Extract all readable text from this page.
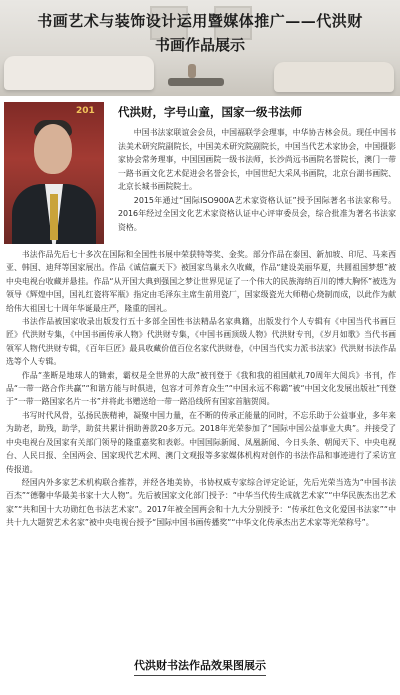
书画艺术与装饰设计运用暨媒体推广——代洪财
书画作品展示
201 代洪财，字号山童，国家一级书法师

中国书法家联谊会会员，中国福联学会理事，中华协吉林会员。现任中国书法美术研究院副院长，中国美术研究院副院长，中国当代艺术家协会，中国摄影家协会常务理事，中国国画院一级书法师，长沙尚远书画院名誉院长，澳门一带一路书画文化艺术促进会名誉会长，中国世纪大采风书画院，北京台湖书画院、北京长城书画院院士。

2015年通过“国际ISO900A艺术家资格认证”授予国际著名书法家称号。2016年经过全国文化艺术家资格认证中心评审委员会，综合批准为著名书法家资格。

书法作品先后七十多次在国际和全国性书展中荣获特等奖、金奖。部分作品在泰国、新加坡、印尼、马来西亚、韩国、迪拜等国家展出。作品《诚信赢天下》被国家鸟巢永久收藏，作品“建设美丽华夏，共圆祖国梦想”被中央电视台收藏并悬挂。作品“从开国大典到强国之梦让世界见证了一个伟大的民族海纳百川的博大胸怀”被选为领导《辉煌中国，国礼红瓷将军瓶》指定由毛泽东主席生前用瓷厂，国家级瓷光大师精心烧制而成，以此作为献给伟大祖国七十周年华诞最庄严，隆重的国礼。

书法作品被国家收录出版发行五十多部全国性书法精品名家典籍，出版发行个人专辑有《中国当代书画巨匠》代洪财专集，《中国书画传承人物》代洪财专集，《中国书画顶级人物》代洪财专刊，《岁月如歌》当代书画领军人物代洪财专辑，《百年巨匠》最具收藏价值百位名家代洪财卷，《中国当代实力派书法家》代洪财书法作品选等个人专辑。

作品“垄断是地球人的锄索，霸权是全世界的大敌”被刊登于《我和我的祖国献礼70周年大阅兵》书刊，作品“一带一路合作共赢”“和谐方能与时俱进，包容才可养育众生”“中国永远不称霸”被“中国文化发展出版社”刊登于“一带一路国家名片一书”并将此书赠送给一带一路沿线所有国家首脑贺阅。

书写时代风骨，弘扬民族精神，凝聚中国力量，在不断的传承正能量的同时，不忘乐助于公益事业，多年来为助老，助残，助学，助贫共累计捐助善款20多万元。2018年光荣参加了“国际中国公益事业大典”。并接受了中央电视台及国家有关部门领导的隆重嘉奖和表彰。中国国际新闻、凤凰新闻、今日头条、朝闻天下、中央电视台、人民日报、全国两会、国家现代艺术网、澳门文观报等多家媒体机构对创作的书法作品和事迹进行了采访宣传报道。

经国内外多家艺术机构联合推荐，并经各地美协，书协权威专家综合评定论证，先后光荣当选为“中国书法百杰”“德馨中华最美书家十大人物”。先后被国家文化部门授予：“中华当代传生成就艺术家”“中华民族杰出艺术家”“共和国十大功勋红色书法艺术家”。2017年被全国两会和十九大分别授予：“传承红色文化爱国书法家”“中共十九大题贺艺术名家”被中央电视台授予“国际中国书画传播奖”“中华文化传承杰出艺术家等光荣称号”。

代洪财书法作品效果图展示
